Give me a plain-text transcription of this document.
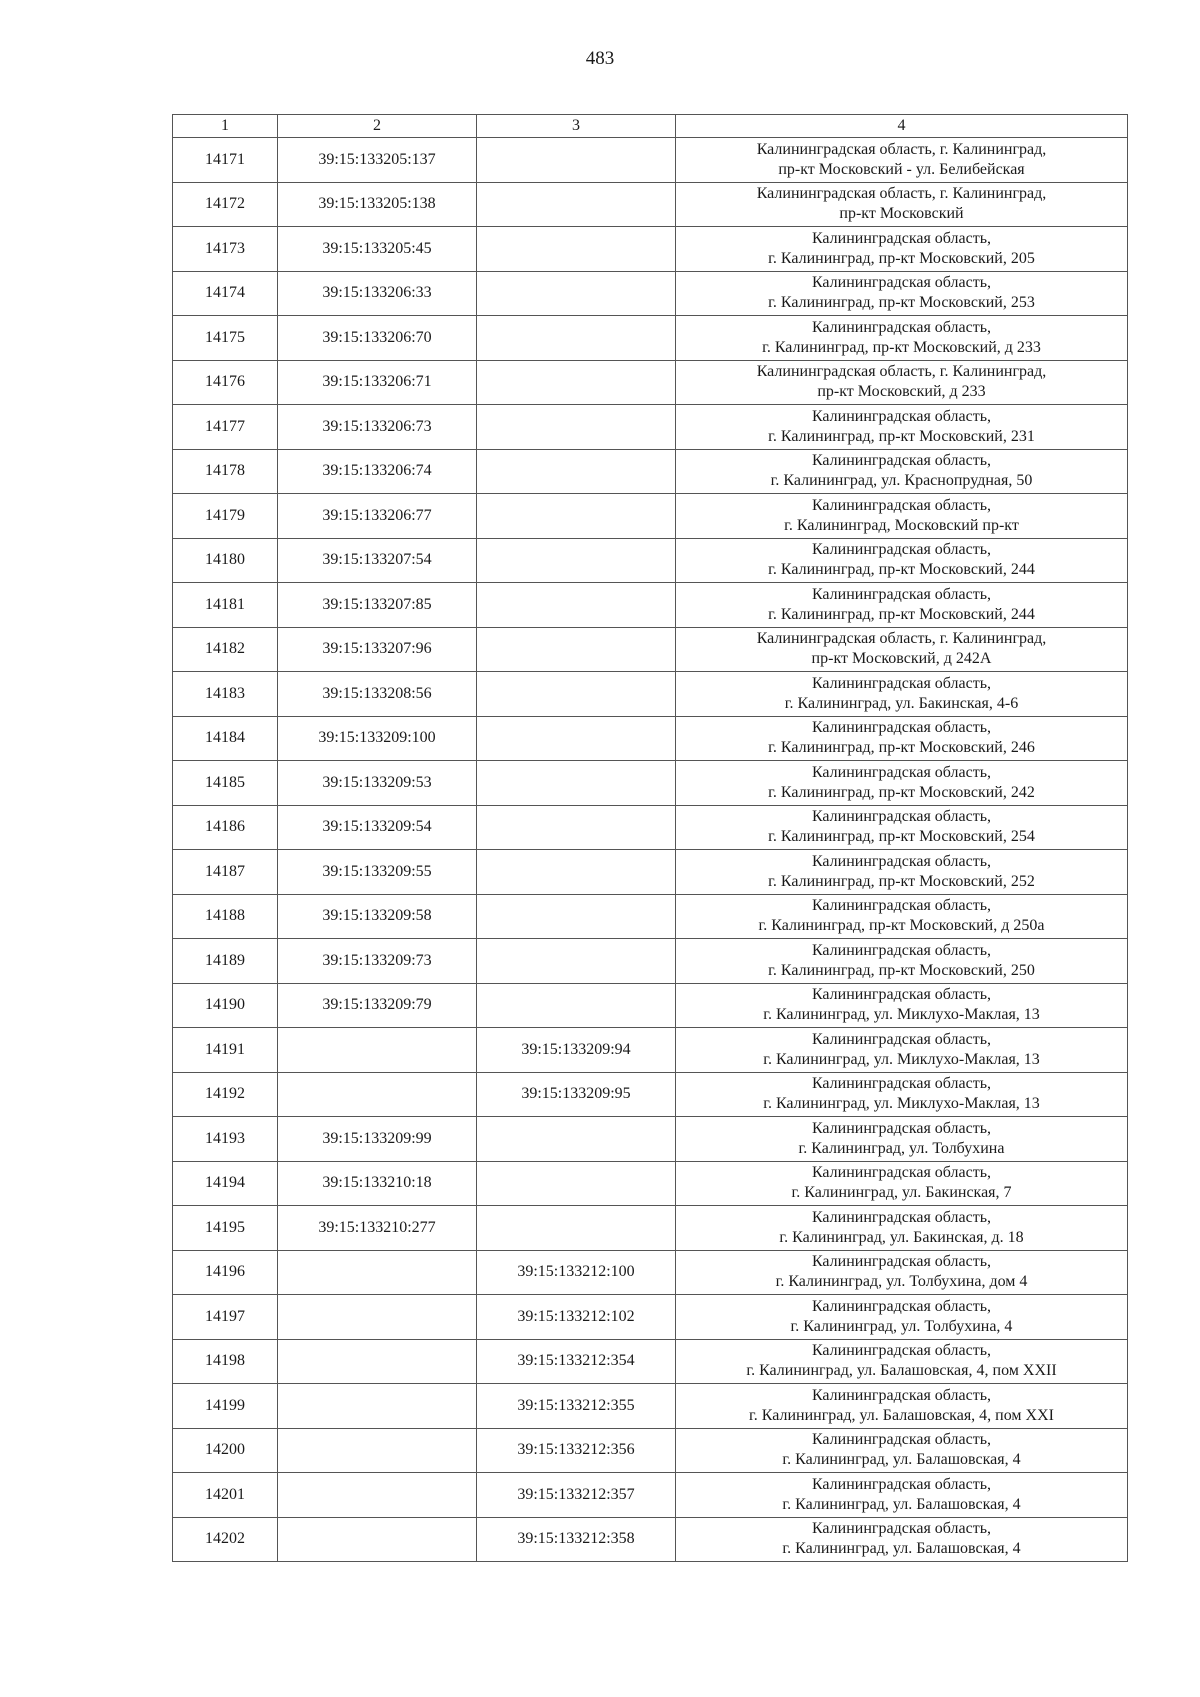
483
1	2	3	4
14171	39:15:133205:137		Калининградская область, г. Калининград,
пр-кт Московский - ул. Белибейская

14172	39:15:133205:138		Калининградская область, г. Калининград,
пр-кт Московский

14173	39:15:133205:45		Калининградская область,
г. Калининград, пр-кт Московский, 205

14174	39:15:133206:33		Калининградская область,
г. Калининград, пр-кт Московский, 253

14175	39:15:133206:70		Калининградская область,
г. Калининград, пр-кт Московский, д 233

14176	39:15:133206:71		Калининградская область, г. Калининград,
пр-кт Московский, д 233

14177	39:15:133206:73		Калининградская область,
г. Калининград, пр-кт Московский, 231

14178	39:15:133206:74		Калининградская область,
г. Калининград, ул. Краснопрудная, 50

14179	39:15:133206:77		Калининградская область,
г. Калининград, Московский пр-кт

14180	39:15:133207:54		Калининградская область,
г. Калининград, пр-кт Московский, 244

14181	39:15:133207:85		Калининградская область,
г. Калининград, пр-кт Московский, 244

14182	39:15:133207:96		Калининградская область, г. Калининград,
пр-кт Московский, д 242А

14183	39:15:133208:56		Калининградская область,
г. Калининград, ул. Бакинская, 4-6

14184	39:15:133209:100		Калининградская область,
г. Калининград, пр-кт Московский, 246

14185	39:15:133209:53		Калининградская область,
г. Калининград, пр-кт Московский, 242

14186	39:15:133209:54		Калининградская область,
г. Калининград, пр-кт Московский, 254

14187	39:15:133209:55		Калининградская область,
г. Калининград, пр-кт Московский, 252

14188	39:15:133209:58		Калининградская область,
г. Калининград, пр-кт Московский, д 250а

14189	39:15:133209:73		Калининградская область,
г. Калининград, пр-кт Московский, 250

14190	39:15:133209:79		Калининградская область,
г. Калининград, ул. Миклухо-Маклая, 13

14191		39:15:133209:94	Калининградская область,
г. Калининград, ул. Миклухо-Маклая, 13

14192		39:15:133209:95	Калининградская область,
г. Калининград, ул. Миклухо-Маклая, 13

14193	39:15:133209:99		Калининградская область,
г. Калининград, ул. Толбухина

14194	39:15:133210:18		Калининградская область,
г. Калининград, ул. Бакинская, 7

14195	39:15:133210:277		Калининградская область,
г. Калининград, ул. Бакинская, д. 18

14196		39:15:133212:100	Калининградская область,
г. Калининград, ул. Толбухина, дом 4

14197		39:15:133212:102	Калининградская область,
г. Калининград, ул. Толбухина, 4

14198		39:15:133212:354	Калининградская область,
г. Калининград, ул. Балашовская, 4, пом XXII

14199		39:15:133212:355	Калининградская область,
г. Калининград, ул. Балашовская, 4, пом XXI

14200		39:15:133212:356	Калининградская область,
г. Калининград, ул. Балашовская, 4

14201		39:15:133212:357	Калининградская область,
г. Калининград, ул. Балашовская, 4

14202		39:15:133212:358	Калининградская область,
г. Калининград, ул. Балашовская, 4
